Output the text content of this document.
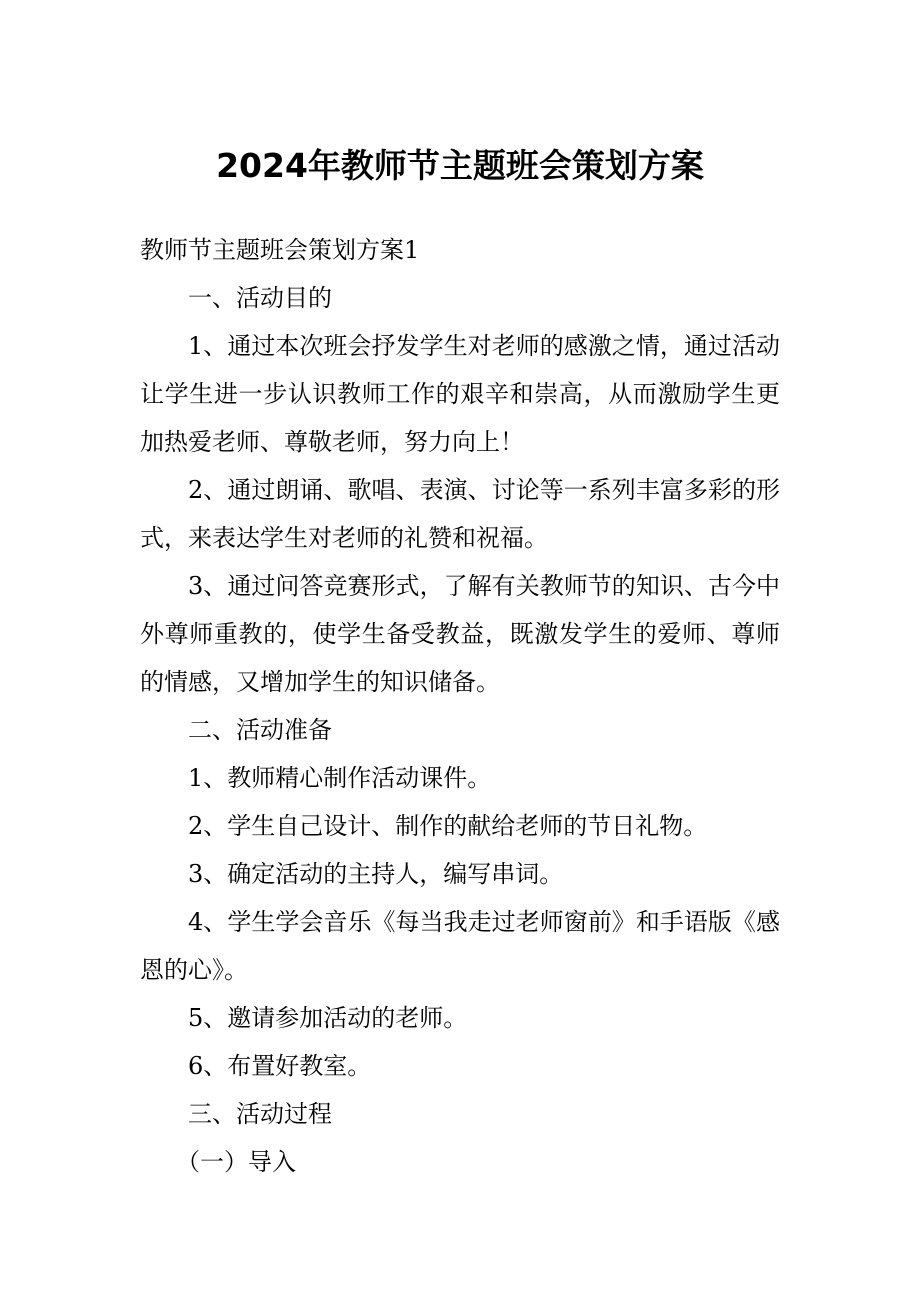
2024年教师节主题班会策划方案

教师节主题班会策划方案1

一、活动目的

1、通过本次班会抒发学生对老师的感激之情，通过活动让学生进一步认识教师工作的艰辛和崇高，从而激励学生更加热爱老师、尊敬老师，努力向上！

2、通过朗诵、歌唱、表演、讨论等一系列丰富多彩的形式，来表达学生对老师的礼赞和祝福。

3、通过问答竞赛形式，了解有关教师节的知识、古今中外尊师重教的，使学生备受教益，既激发学生的爱师、尊师的情感，又增加学生的知识储备。

二、活动准备

1、教师精心制作活动课件。

2、学生自己设计、制作的献给老师的节日礼物。

3、确定活动的主持人，编写串词。

4、学生学会音乐《每当我走过老师窗前》和手语版《感恩的心》。

5、邀请参加活动的老师。

6、布置好教室。

三、活动过程

（一）导入
